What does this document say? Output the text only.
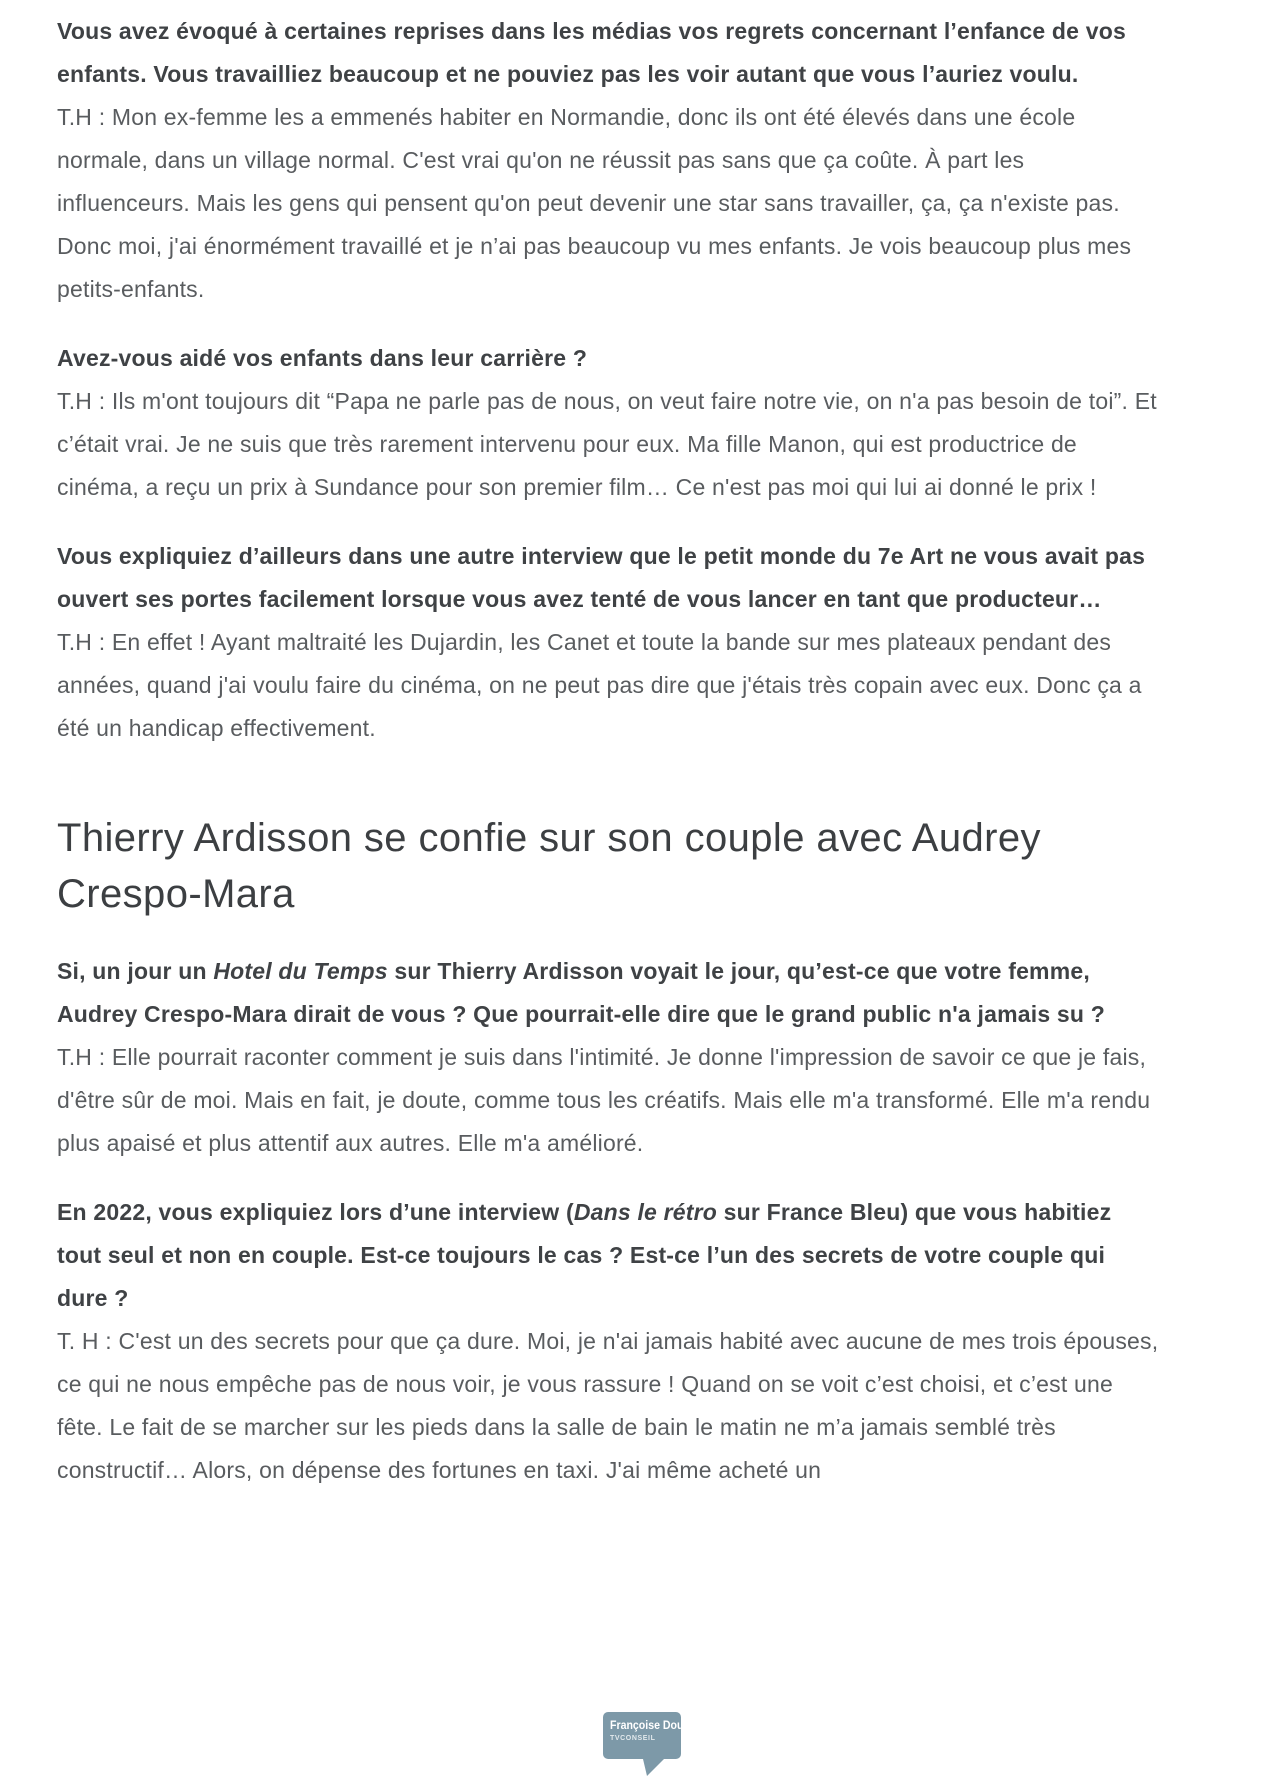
Vous avez évoqué à certaines reprises dans les médias vos regrets concernant l’enfance de vos enfants. Vous travailliez beaucoup et ne pouviez pas les voir autant que vous l’auriez voulu.

T.H : Mon ex-femme les a emmenés habiter en Normandie, donc ils ont été élevés dans une école normale, dans un village normal. C'est vrai qu'on ne réussit pas sans que ça coûte. À part les influenceurs. Mais les gens qui pensent qu'on peut devenir une star sans travailler, ça, ça n'existe pas. Donc moi, j'ai énormément travaillé et je n’ai pas beaucoup vu mes enfants. Je vois beaucoup plus mes petits-enfants.

Avez-vous aidé vos enfants dans leur carrière ?

T.H : Ils m'ont toujours dit “Papa ne parle pas de nous, on veut faire notre vie, on n'a pas besoin de toi”. Et c’était vrai. Je ne suis que très rarement intervenu pour eux. Ma fille Manon, qui est productrice de cinéma, a reçu un prix à Sundance pour son premier film… Ce n'est pas moi qui lui ai donné le prix !

Vous expliquiez d’ailleurs dans une autre interview que le petit monde du 7e Art ne vous avait pas ouvert ses portes facilement lorsque vous avez tenté de vous lancer en tant que producteur…

T.H : En effet ! Ayant maltraité les Dujardin, les Canet et toute la bande sur mes plateaux pendant des années, quand j'ai voulu faire du cinéma, on ne peut pas dire que j'étais très copain avec eux. Donc ça a été un handicap effectivement.

Thierry Ardisson se confie sur son couple avec Audrey Crespo-Mara

Si, un jour un Hotel du Temps sur Thierry Ardisson voyait le jour, qu’est-ce que votre femme, Audrey Crespo-Mara dirait de vous ? Que pourrait-elle dire que le grand public n'a jamais su ?

T.H : Elle pourrait raconter comment je suis dans l'intimité. Je donne l'impression de savoir ce que je fais, d'être sûr de moi. Mais en fait, je doute, comme tous les créatifs. Mais elle m'a transformé. Elle m'a rendu plus apaisé et plus attentif aux autres. Elle m'a amélioré.

En 2022, vous expliquiez lors d’une interview (Dans le rétro sur France Bleu) que vous habitiez tout seul et non en couple. Est-ce toujours le cas ? Est-ce l’un des secrets de votre couple qui dure ?

T. H : C'est un des secrets pour que ça dure. Moi, je n'ai jamais habité avec aucune de mes trois épouses, ce qui ne nous empêche pas de nous voir, je vous rassure ! Quand on se voit c’est choisi, et c’est une fête. Le fait de se marcher sur les pieds dans la salle de bain le matin ne m’a jamais semblé très constructif… Alors, on dépense des fortunes en taxi. J'ai même acheté un

Françoise Doux
TVCONSEIL
